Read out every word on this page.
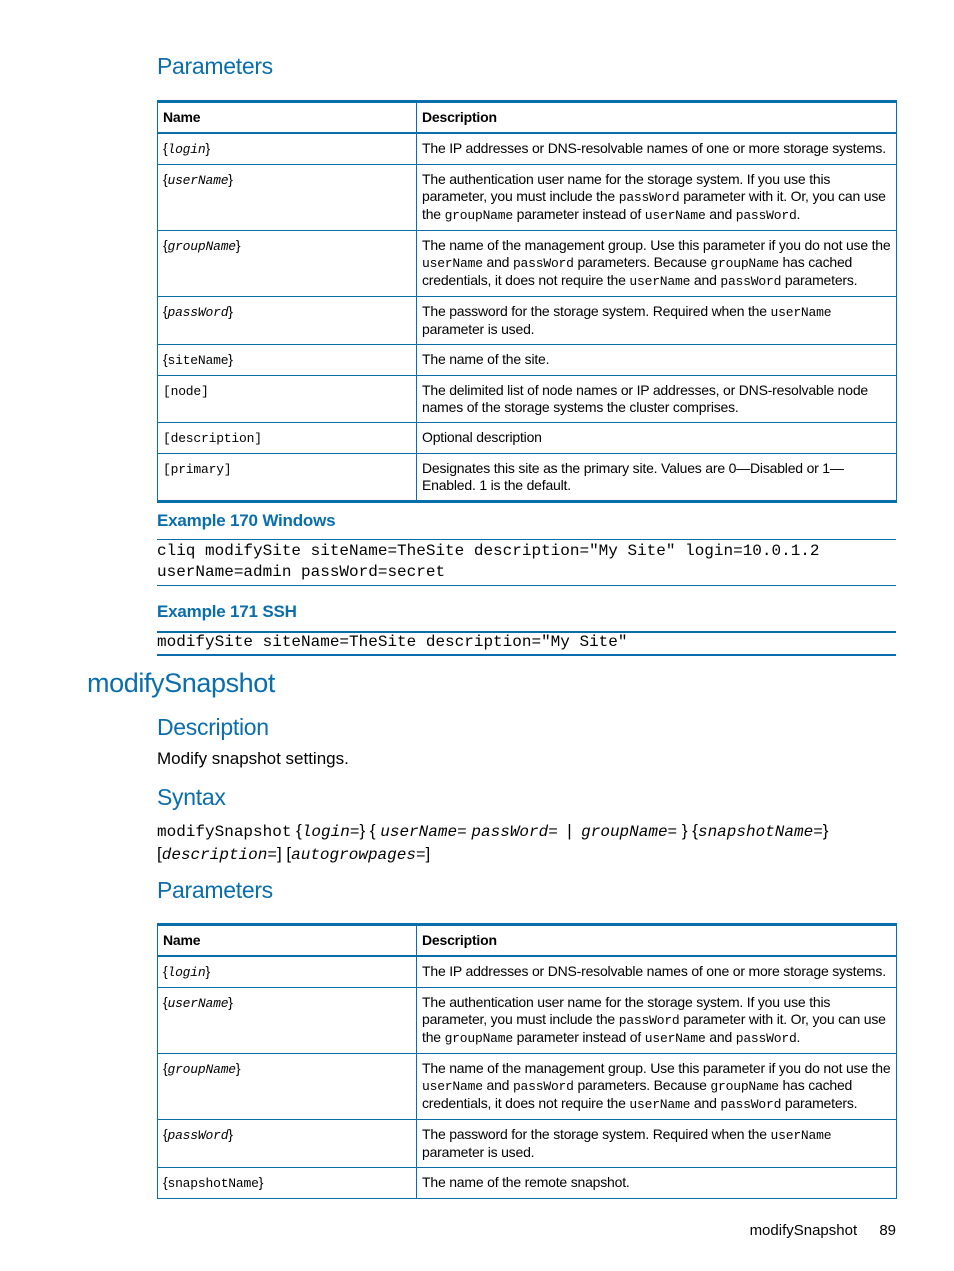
Parameters
Name	Description
{login}	The IP addresses or DNS-resolvable names of one or more storage systems.
{userName}	The authentication user name for the storage system. If you use this parameter, you must include the passWord parameter with it. Or, you can use the groupName parameter instead of userName and passWord.
{groupName}	The name of the management group. Use this parameter if you do not use the userName and passWord parameters. Because groupName has cached credentials, it does not require the userName and passWord parameters.
{passWord}	The password for the storage system. Required when the userName parameter is used.
{siteName}	The name of the site.
[node]	The delimited list of node names or IP addresses, or DNS-resolvable node names of the storage systems the cluster comprises.
[description]	Optional description
[primary]	Designates this site as the primary site. Values are 0—Disabled or 1—Enabled. 1 is the default.
Example 170 Windows
cliq modifySite siteName=TheSite description="My Site" login=10.0.1.2
userName=admin passWord=secret
Example 171 SSH
modifySite siteName=TheSite description="My Site"
modifySnapshot
Description
Modify snapshot settings.
Syntax
modifySnapshot {login=} { userName= passWord=  |  groupName= } {snapshotName=}
[description=] [autogrowpages=]
Parameters
Name	Description
{login}	The IP addresses or DNS-resolvable names of one or more storage systems.
{userName}	The authentication user name for the storage system. If you use this parameter, you must include the passWord parameter with it. Or, you can use the groupName parameter instead of userName and passWord.
{groupName}	The name of the management group. Use this parameter if you do not use the userName and passWord parameters. Because groupName has cached credentials, it does not require the userName and passWord parameters.
{passWord}	The password for the storage system. Required when the userName parameter is used.
{snapshotName}	The name of the remote snapshot.
modifySnapshot 89
